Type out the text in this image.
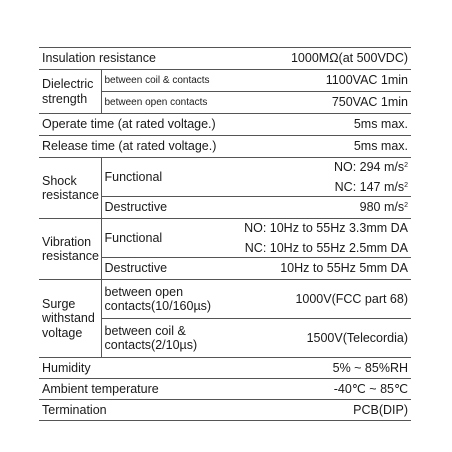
Insulation resistance		1000MΩ(at 500VDC)

Dielectric
strength	between coil & contacts	1100VAC 1min
	between open contacts	750VAC 1min
Operate time (at rated voltage.)		5ms max.
Release time (at rated voltage.)		5ms max.

Shock
resistance	Functional	NO: 294 $m/s^2$
NC: 147 $m/s^2$

	Destructive	980 $m/s^2$

Vibration
resistance	Functional	NO: 10Hz to 55Hz 3.3mm DA
NC: 10Hz to 55Hz 2.5mm DA

	Destructive	10Hz to 55Hz 5mm DA

Surge
withstand
voltage	between open
contacts(10/160µs)	1000V(FCC part 68)

	between coil &
contacts(2/10µs)	1500V(Telecordia)
Humidity		5% ~ 85%RH
Ambient temperature		-40℃ ~ 85℃
Termination		PCB(DIP)
